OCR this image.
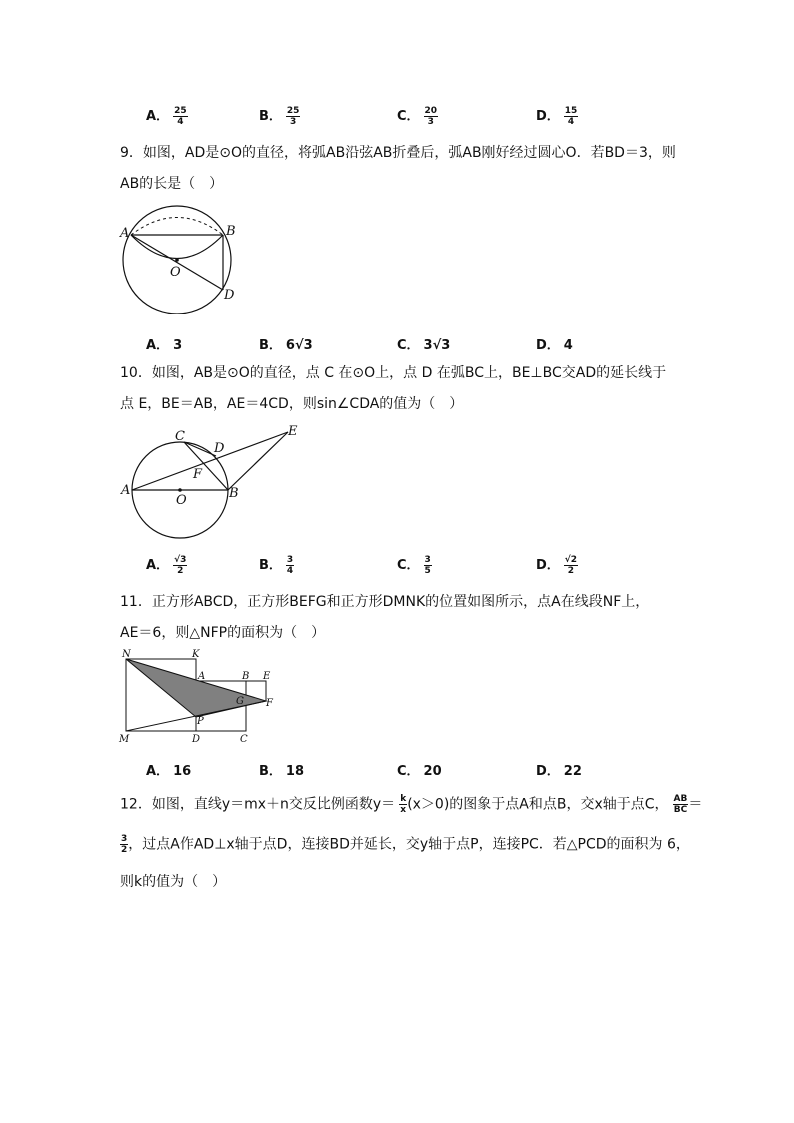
A． $\frac{25}{4}$	B． $\frac{25}{3}$	C． $\frac{20}{3}$	D． $\frac{15}{4}$
9．如图，AD是⊙O的直径，将弧AB沿弦AB折叠后，弧AB刚好经过圆心O．若BD＝3，则
AB的长是（　）
A	B
O
D
A． 3	B． 6√3	C． 3√3	D． 4
10．如图，AB是⊙O的直径，点 C 在⊙O上，点 D 在弧BC上，BE⊥BC交AD的延长线于
点 E，BE＝AB，AE＝4CD，则sin∠CDA的值为（　）
A	B
C
D
E
F
O
A． $\frac{√3}{2}$	B． $\frac{3}{4}$	C． $\frac{3}{5}$	D． $\frac{√2}{2}$
11．正方形ABCD，正方形BEFG和正方形DMNK的位置如图所示，点A在线段NF上，
AE＝6，则△NFP的面积为（　）
N	K
A	B E
G F
P
M	D	C
A． 16	B． 18	C． 20	D． 22
12．如图，直线y＝mx＋n交反比例函数$y= \frac{k}{x} (x>0)$的图象于点A和点B，交x轴于点C， $\frac{AB}{BC}$ ＝
$\frac{3}{2}$ ，过点A作AD⊥x轴于点D，连接BD并延长，交y轴于点P，连接PC．若△PCD的面积为 6，
则k的值为（　）
